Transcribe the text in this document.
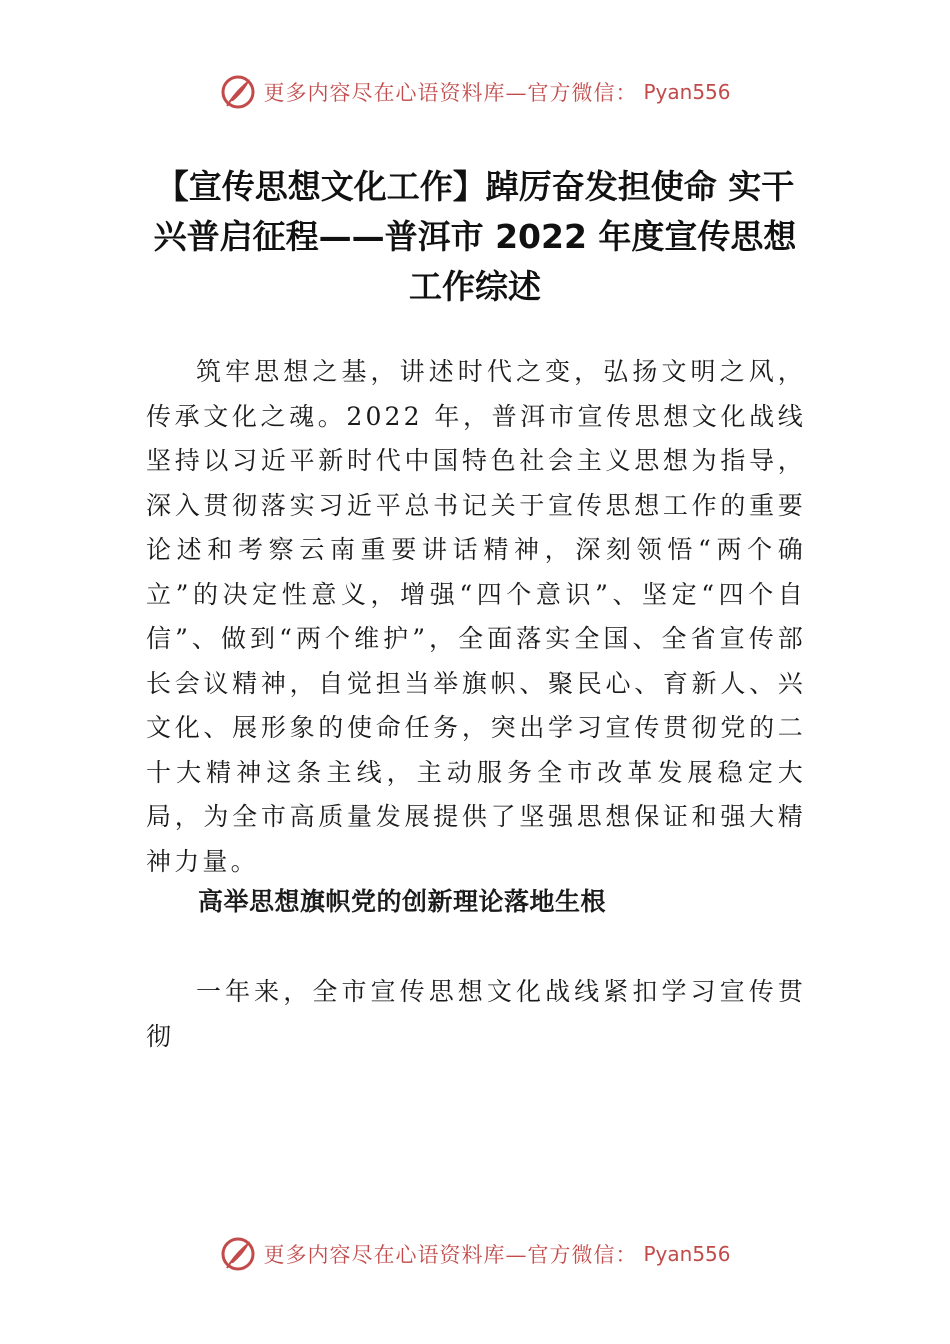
更多内容尽在心语资料库—官方微信： Pyan556
【宣传思想文化工作】踔厉奋发担使命 实干兴普启征程——普洱市 2022 年度宣传思想工作综述

筑牢思想之基，讲述时代之变，弘扬文明之风，传承文化之魂。2022 年，普洱市宣传思想文化战线坚持以习近平新时代中国特色社会主义思想为指导，深入贯彻落实习近平总书记关于宣传思想工作的重要论述和考察云南重要讲话精神，深刻领悟“两个确立”的决定性意义，增强“四个意识”、坚定“四个自信”、做到“两个维护”，全面落实全国、全省宣传部长会议精神，自觉担当举旗帜、聚民心、育新人、兴文化、展形象的使命任务，突出学习宣传贯彻党的二十大精神这条主线，主动服务全市改革发展稳定大局，为全市高质量发展提供了坚强思想保证和强大精神力量。

高举思想旗帜党的创新理论落地生根

一年来，全市宣传思想文化战线紧扣学习宣传贯彻

更多内容尽在心语资料库—官方微信： Pyan556
